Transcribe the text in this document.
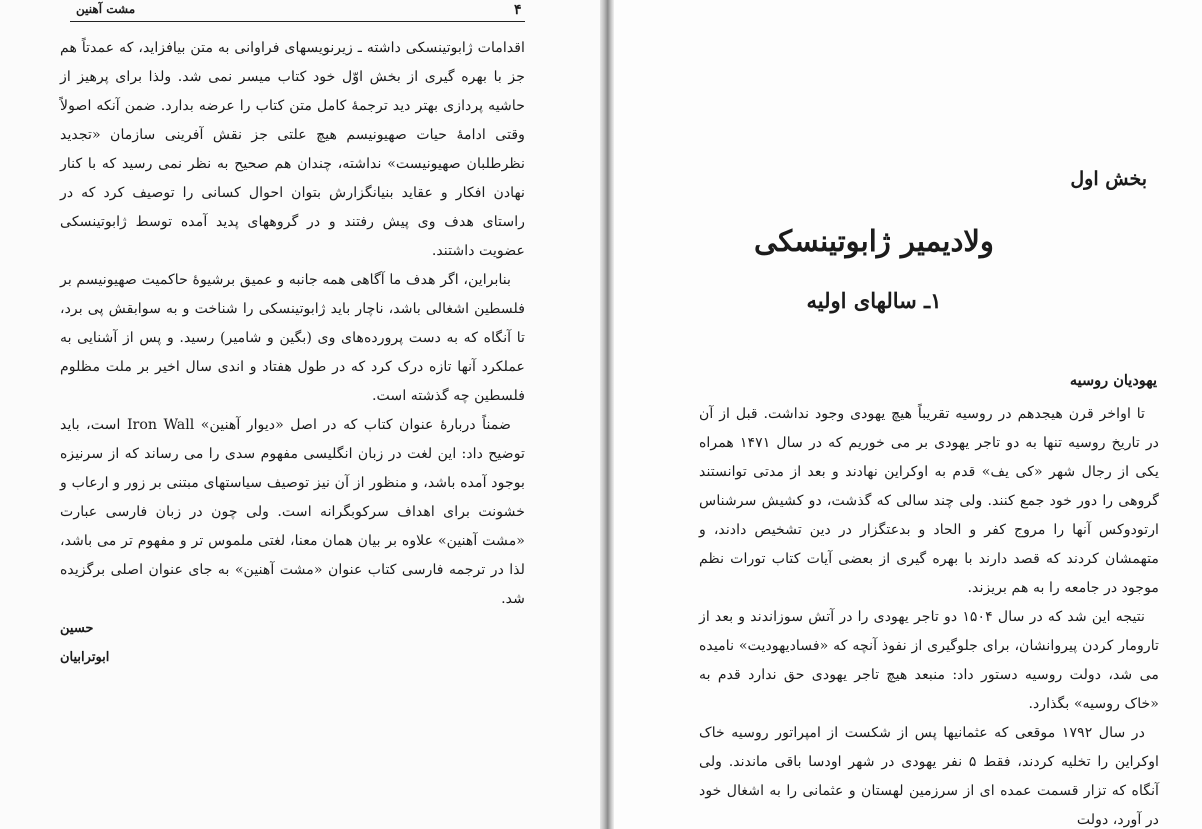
مشت آهنین	۴

اقدامات ژابوتینسکی داشته ـ زیرنویسهای فراوانی به متن بیافزاید، که عمدتاً هم جز با بهره گیری از بخش اوّل خود کتاب میسر نمی شد. ولذا برای پرهیز از حاشیه پردازی بهتر دید ترجمهٔ کامل متن کتاب را عرضه بدارد. ضمن آنکه اصولاً وقتی ادامهٔ حیات صهیونیسم هیچ علتی جز نقش آفرینی سازمان «تجدید نظرطلبان صهیونیست» نداشته، چندان هم صحیح به نظر نمی رسید که با کنار نهادن افکار و عقاید بنیانگزارش بتوان احوال کسانی را توصیف کرد که در راستای هدف وی پیش رفتند و در گروههای پدید آمده توسط ژابوتینسکی عضویت داشتند.

بنابراین، اگر هدف ما آگاهی همه جانبه و عمیق برشیوهٔ حاکمیت صهیونیسم بر فلسطین اشغالی باشد، ناچار باید ژابوتینسکی را شناخت و به سوابقش پی برد، تا آنگاه که به دست پرورده‌های وی (بگین و شامیر) رسید. و پس از آشنایی به عملکرد آنها تازه درک کرد که در طول هفتاد و اندی سال اخیر بر ملت مظلوم فلسطین چه گذشته است.

ضمناً دربارهٔ عنوان کتاب که در اصل «دیوار آهنین» Iron Wall است، باید توضیح داد: این لغت در زبان انگلیسی مفهوم سدی را می رساند که از سرنیزه بوجود آمده باشد، و منظور از آن نیز توصیف سیاستهای مبتنی بر زور و ارعاب و خشونت برای اهداف سرکوبگرانه است. ولی چون در زبان فارسی عبارت «مشت آهنین» علاوه بر بیان همان معنا، لغتی ملموس تر و مفهوم تر می باشد، لذا در ترجمه فارسی کتاب عنوان «مشت آهنین» به جای عنوان اصلی برگزیده شد.

حسین ابوترابیان

بخش اول
ولادیمیر ژابوتینسکی
۱ـ سالهای اولیه
یهودیان روسیه

تا اواخر قرن هیجدهم در روسیه تقریباً هیچ یهودی وجود نداشت. قبل از آن در تاریخ روسیه تنها به دو تاجر یهودی بر می خوریم که در سال ۱۴۷۱ همراه یکی از رجال شهر «کی یف» قدم به اوکراین نهادند و بعد از مدتی توانستند گروهی را دور خود جمع کنند. ولی چند سالی که گذشت، دو کشیش سرشناس ارتودوکس آنها را مروج کفر و الحاد و بدعتگزار در دین تشخیص دادند، و متهمشان کردند که قصد دارند با بهره گیری از بعضی آیات کتاب تورات نظم موجود در جامعه را به هم بریزند.

نتیجه این شد که در سال ۱۵۰۴ دو تاجر یهودی را در آتش سوزاندند و بعد از تارومار کردن پیروانشان، برای جلوگیری از نفوذ آنچه که «فسادیهودیت» نامیده می شد، دولت روسیه دستور داد: منبعد هیچ تاجر یهودی حق ندارد قدم به «خاک روسیه» بگذارد.

در سال ۱۷۹۲ موقعی که عثمانیها پس از شکست از امپراتور روسیه خاک اوکراین را تخلیه کردند، فقط ۵ نفر یهودی در شهر اودسا باقی ماندند. ولی آنگاه که تزار قسمت عمده ای از سرزمین لهستان و عثمانی را به اشغال خود در آورد، دولت
